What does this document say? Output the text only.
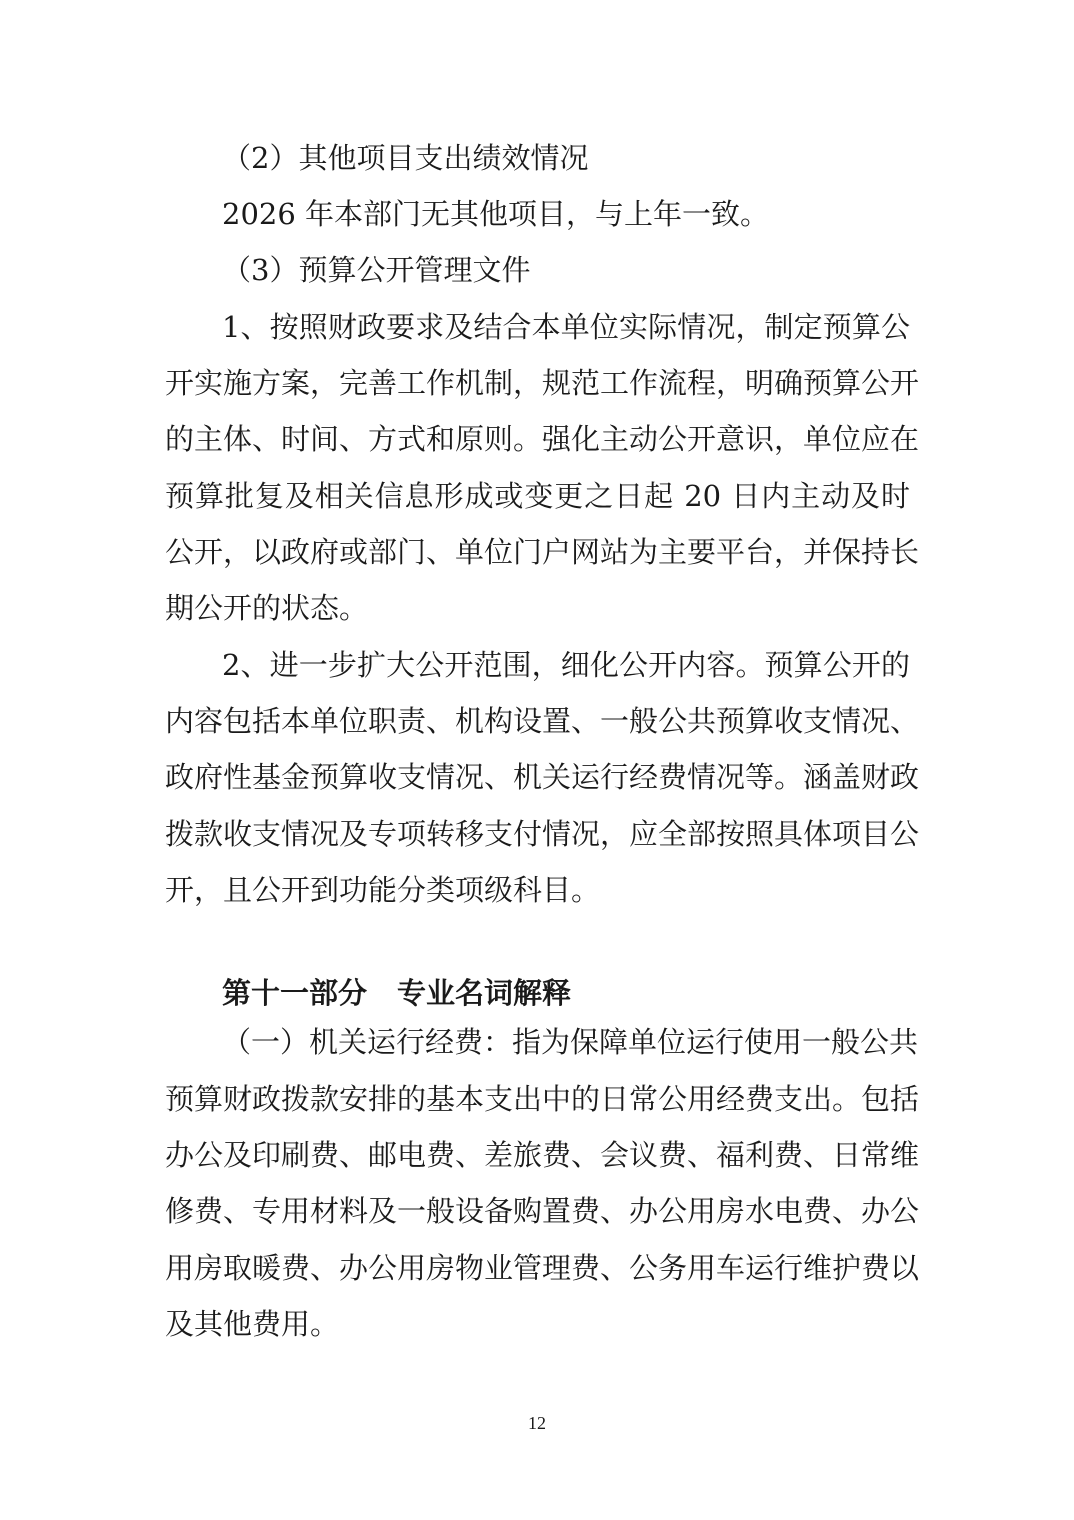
（2）其他项目支出绩效情况
2026 年本部门无其他项目，与上年一致。
（3）预算公开管理文件
1、按照财政要求及结合本单位实际情况，制定预算公
开实施方案，完善工作机制，规范工作流程，明确预算公开
的主体、时间、方式和原则。强化主动公开意识，单位应在
预算批复及相关信息形成或变更之日起 20 日内主动及时
公开，以政府或部门、单位门户网站为主要平台，并保持长
期公开的状态。
2、进一步扩大公开范围，细化公开内容。预算公开的
内容包括本单位职责、机构设置、一般公共预算收支情况、
政府性基金预算收支情况、机关运行经费情况等。涵盖财政
拨款收支情况及专项转移支付情况，应全部按照具体项目公
开，且公开到功能分类项级科目。
第十一部分 专业名词解释
（一）机关运行经费：指为保障单位运行使用一般公共
预算财政拨款安排的基本支出中的日常公用经费支出。包括
办公及印刷费、邮电费、差旅费、会议费、福利费、日常维
修费、专用材料及一般设备购置费、办公用房水电费、办公
用房取暖费、办公用房物业管理费、公务用车运行维护费以
及其他费用。
12
